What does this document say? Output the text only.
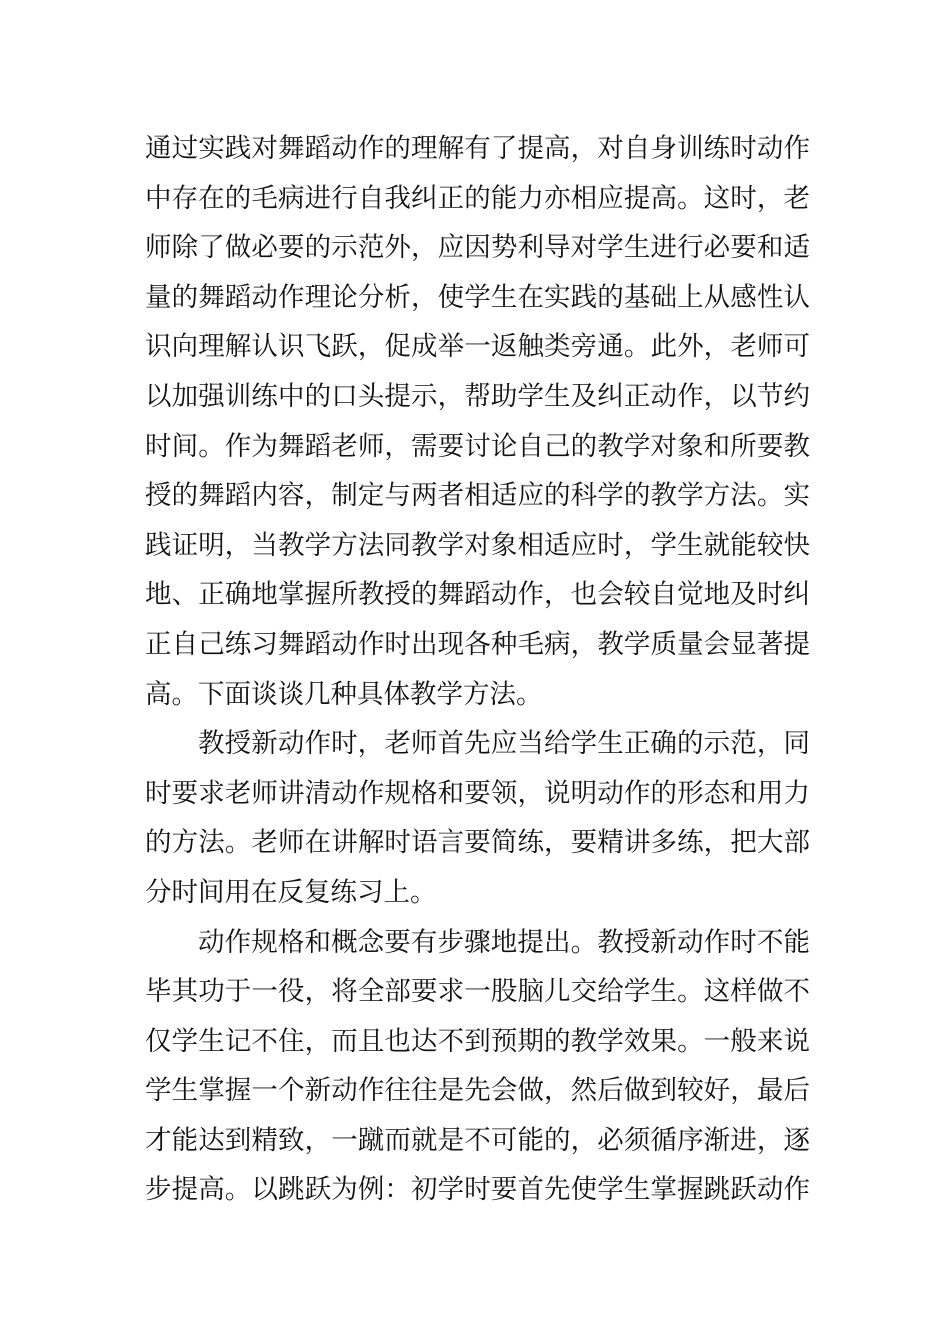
通过实践对舞蹈动作的理解有了提高，对自身训练时动作
中存在的毛病进行自我纠正的能力亦相应提高。这时，老
师除了做必要的示范外，应因势利导对学生进行必要和适
量的舞蹈动作理论分析，使学生在实践的基础上从感性认
识向理解认识飞跃，促成举一返触类旁通。此外，老师可
以加强训练中的口头提示，帮助学生及纠正动作，以节约
时间。作为舞蹈老师，需要讨论自己的教学对象和所要教
授的舞蹈内容，制定与两者相适应的科学的教学方法。实
践证明，当教学方法同教学对象相适应时，学生就能较快
地、正确地掌握所教授的舞蹈动作，也会较自觉地及时纠
正自己练习舞蹈动作时出现各种毛病，教学质量会显著提
高。下面谈谈几种具体教学方法。
教授新动作时，老师首先应当给学生正确的示范，同
时要求老师讲清动作规格和要领，说明动作的形态和用力
的方法。老师在讲解时语言要简练，要精讲多练，把大部
分时间用在反复练习上。
动作规格和概念要有步骤地提出。教授新动作时不能
毕其功于一役，将全部要求一股脑儿交给学生。这样做不
仅学生记不住，而且也达不到预期的教学效果。一般来说
学生掌握一个新动作往往是先会做，然后做到较好，最后
才能达到精致，一蹴而就是不可能的，必须循序渐进，逐
步提高。以跳跃为例：初学时要首先使学生掌握跳跃动作
